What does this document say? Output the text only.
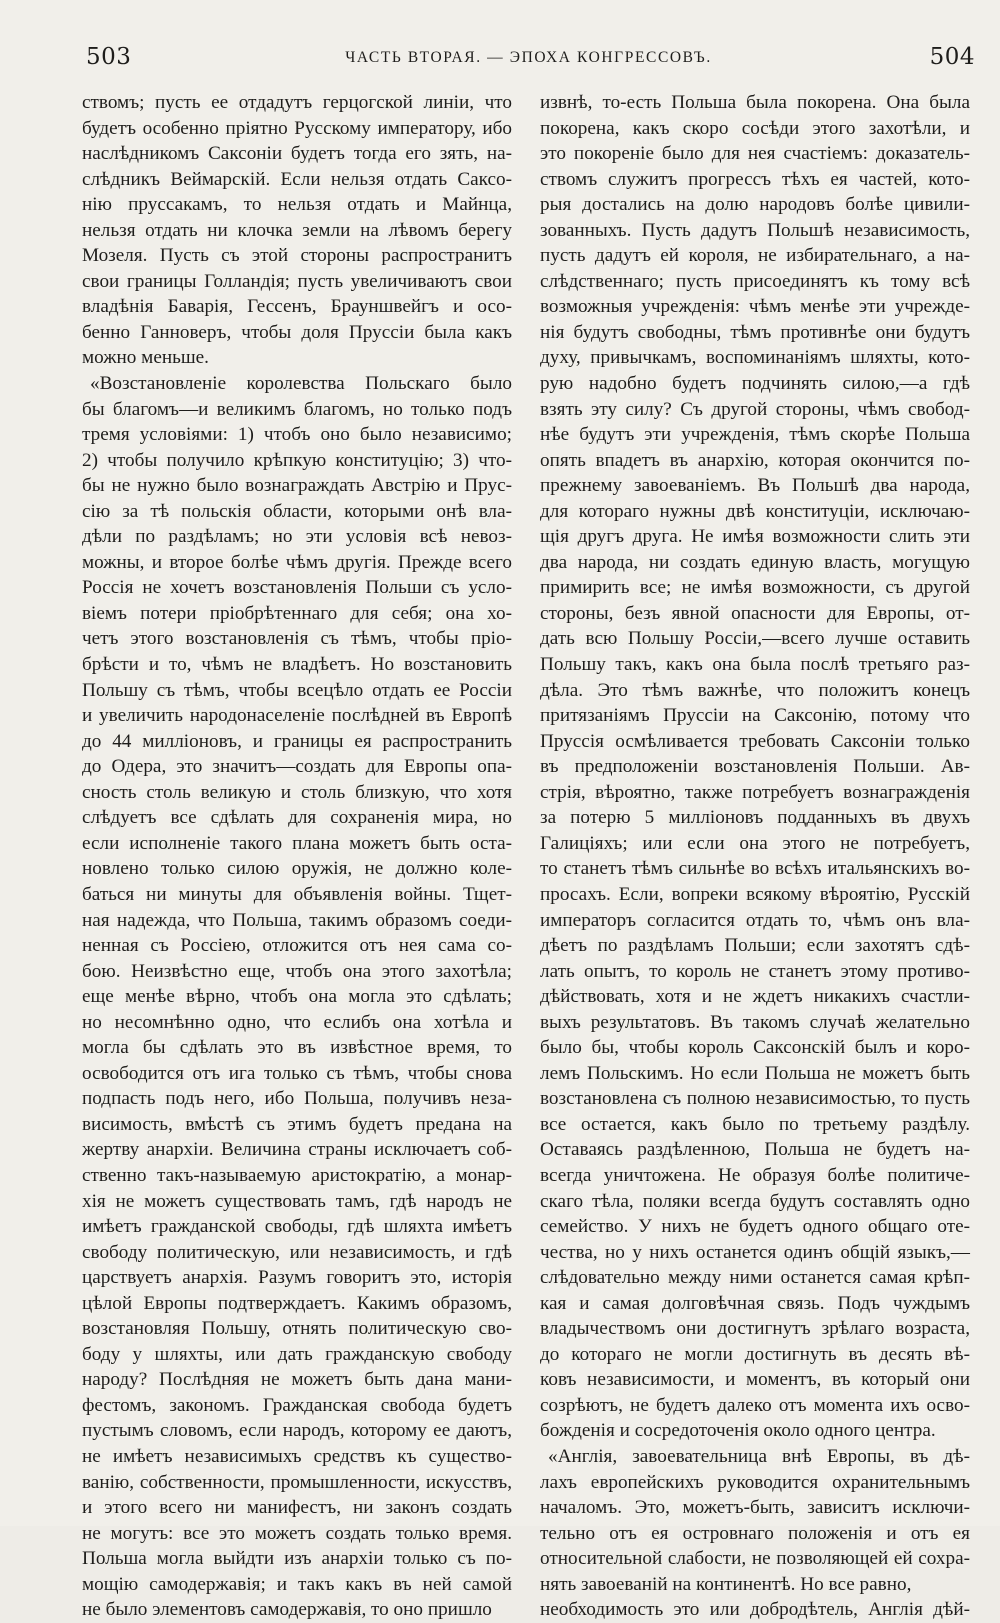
503	ЧАСТЬ ВТОРАЯ. — ЭПОХА КОНГРЕССОВЪ.	504
ствомъ; пусть ее отдадутъ герцогской линіи, что
будетъ особенно пріятно Русскому императору, ибо
наслѣдникомъ Саксоніи будетъ тогда его зять, на-
слѣдникъ Веймарскій. Если нельзя отдать Саксо-
нію пруссакамъ, то нельзя отдать и Майнца,
нельзя отдать ни клочка земли на лѣвомъ берегу
Мозеля. Пусть съ этой стороны распространитъ
свои границы Голландія; пусть увеличиваютъ свои
владѣнія Баварія, Гессенъ, Брауншвейгъ и осо-
бенно Ганноверъ, чтобы доля Пруссіи была какъ
можно меньше.
«Возстановленіе королевства Польскаго было
бы благомъ—и великимъ благомъ, но только подъ
тремя условіями: 1) чтобъ оно было независимо;
2) чтобы получило крѣпкую конституцію; 3) что-
бы не нужно было вознаграждать Австрію и Прус-
сію за тѣ польскія области, которыми онѣ вла-
дѣли по раздѣламъ; но эти условія всѣ невоз-
можны, и второе болѣе чѣмъ другія. Прежде всего
Россія не хочетъ возстановленія Польши съ усло-
віемъ потери пріобрѣтеннаго для себя; она хо-
четъ этого возстановленія съ тѣмъ, чтобы пріо-
брѣсти и то, чѣмъ не владѣетъ. Но возстановить
Польшу съ тѣмъ, чтобы всецѣло отдать ее Россіи
и увеличить народонаселеніе послѣдней въ Европѣ
до 44 милліоновъ, и границы ея распространить
до Одера, это значитъ—создать для Европы опа-
сность столь великую и столь близкую, что хотя
слѣдуетъ все сдѣлать для сохраненія мира, но
если исполненіе такого плана можетъ быть оста-
новлено только силою оружія, не должно коле-
баться ни минуты для объявленія войны. Тщет-
ная надежда, что Польша, такимъ образомъ соеди-
ненная съ Россіею, отложится отъ нея сама со-
бою. Неизвѣстно еще, чтобъ она этого захотѣла;
еще менѣе вѣрно, чтобъ она могла это сдѣлать;
но несомнѣнно одно, что еслибъ она хотѣла и
могла бы сдѣлать это въ извѣстное время, то
освободится отъ ига только съ тѣмъ, чтобы снова
подпасть подъ него, ибо Польша, получивъ неза-
висимость, вмѣстѣ съ этимъ будетъ предана на
жертву анархіи. Величина страны исключаетъ соб-
ственно такъ-называемую аристократію, а монар-
хія не можетъ существовать тамъ, гдѣ народъ не
имѣетъ гражданской свободы, гдѣ шляхта имѣетъ
свободу политическую, или независимость, и гдѣ
царствуетъ анархія. Разумъ говоритъ это, исторія
цѣлой Европы подтверждаетъ. Какимъ образомъ,
возстановляя Польшу, отнять политическую сво-
боду у шляхты, или дать гражданскую свободу
народу? Послѣдняя не можетъ быть дана мани-
фестомъ, закономъ. Гражданская свобода будетъ
пустымъ словомъ, если народъ, которому ее даютъ,
не имѣетъ независимыхъ средствъ къ существо-
ванію, собственности, промышленности, искусствъ,
и этого всего ни манифестъ, ни законъ создать
не могутъ: все это можетъ создать только время.
Польша могла выйдти изъ анархіи только съ по-
мощію самодержавія; и такъ какъ въ ней самой
не было элементовъ самодержавія, то оно пришло
извнѣ, то-есть Польша была покорена. Она была
покорена, какъ скоро сосѣди этого захотѣли, и
это покореніе было для нея счастіемъ: доказатель-
ствомъ служитъ прогрессъ тѣхъ ея частей, кото-
рыя достались на долю народовъ болѣе цивили-
зованныхъ. Пусть дадутъ Польшѣ независимость,
пусть дадутъ ей короля, не избирательнаго, а на-
слѣдственнаго; пусть присоединятъ къ тому всѣ
возможныя учрежденія: чѣмъ менѣе эти учрежде-
нія будутъ свободны, тѣмъ противнѣе они будутъ
духу, привычкамъ, воспоминаніямъ шляхты, кото-
рую надобно будетъ подчинять силою,—а гдѣ
взять эту силу? Съ другой стороны, чѣмъ свобод-
нѣе будутъ эти учрежденія, тѣмъ скорѣе Польша
опять впадетъ въ анархію, которая окончится по-
прежнему завоеваніемъ. Въ Польшѣ два народа,
для котораго нужны двѣ конституціи, исключаю-
щія другъ друга. Не имѣя возможности слить эти
два народа, ни создать единую власть, могущую
примирить все; не имѣя возможности, съ другой
стороны, безъ явной опасности для Европы, от-
дать всю Польшу Россіи,—всего лучше оставить
Польшу такъ, какъ она была послѣ третьяго раз-
дѣла. Это тѣмъ важнѣе, что положитъ конецъ
притязаніямъ Пруссіи на Саксонію, потому что
Пруссія осмѣливается требовать Саксоніи только
въ предположеніи возстановленія Польши. Ав-
стрія, вѣроятно, также потребуетъ вознагражденія
за потерю 5 милліоновъ подданныхъ въ двухъ
Галиціяхъ; или если она этого не потребуетъ,
то станетъ тѣмъ сильнѣе во всѣхъ итальянскихъ во-
просахъ. Если, вопреки всякому вѣроятію, Русскій
императоръ согласится отдать то, чѣмъ онъ вла-
дѣетъ по раздѣламъ Польши; если захотятъ сдѣ-
лать опытъ, то король не станетъ этому противо-
дѣйствовать, хотя и не ждетъ никакихъ счастли-
выхъ результатовъ. Въ такомъ случаѣ желательно
было бы, чтобы король Саксонскій былъ и коро-
лемъ Польскимъ. Но если Польша не можетъ быть
возстановлена съ полною независимостью, то пусть
все остается, какъ было по третьему раздѣлу.
Оставаясь раздѣленною, Польша не будетъ на-
всегда уничтожена. Не образуя болѣе политиче-
скаго тѣла, поляки всегда будутъ составлять одно
семейство. У нихъ не будетъ одного общаго оте-
чества, но у нихъ останется одинъ общій языкъ,—
слѣдовательно между ними останется самая крѣп-
кая и самая долговѣчная связь. Подъ чуждымъ
владычествомъ они достигнутъ зрѣлаго возраста,
до котораго не могли достигнуть въ десять вѣ-
ковъ независимости, и моментъ, въ который они
созрѣютъ, не будетъ далеко отъ момента ихъ осво-
божденія и сосредоточенія около одного центра.
«Англія, завоевательница внѣ Европы, въ дѣ-
лахъ европейскихъ руководится охранительнымъ
началомъ. Это, можетъ-быть, зависитъ исключи-
тельно отъ ея островнаго положенія и отъ ея
относительной слабости, не позволяющей ей сохра-
нять завоеваній на континентѣ. Но все равно,
необходимость это или добродѣтель, Англія дѣй-
